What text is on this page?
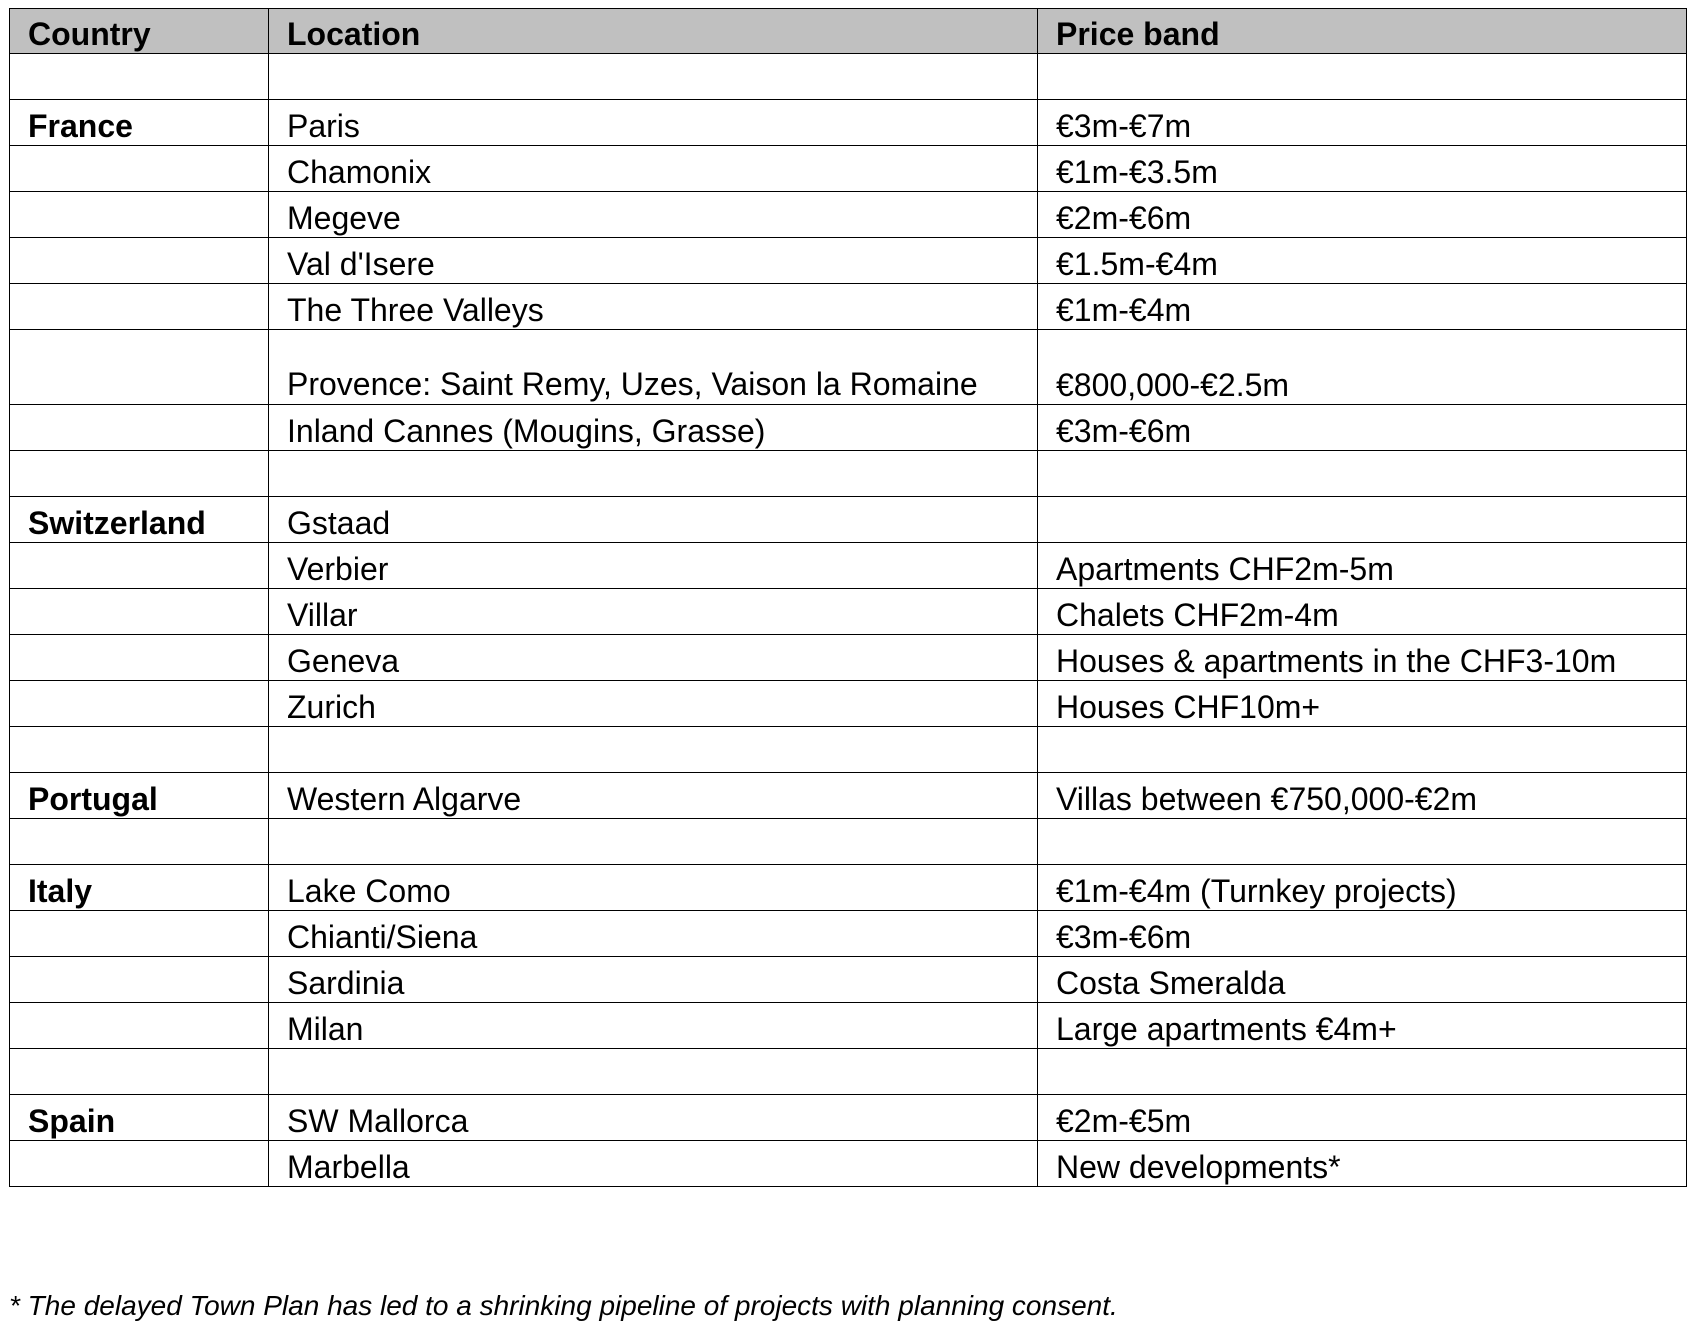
Country	Location	Price band

France	Paris	€3m-€7m
	Chamonix	€1m-€3.5m
	Megeve	€2m-€6m
	Val d'Isere	€1.5m-€4m
	The Three Valleys	€1m-€4m
	Provence: Saint Remy, Uzes, Vaison la Romaine	€800,000-€2.5m
	Inland Cannes (Mougins, Grasse)	€3m-€6m

Switzerland	Gstaad	
	Verbier	Apartments CHF2m-5m
	Villar	Chalets CHF2m-4m
	Geneva	Houses & apartments in the CHF3-10m
	Zurich	Houses CHF10m+

Portugal	Western Algarve	Villas between €750,000-€2m

Italy	Lake Como	€1m-€4m (Turnkey projects)
	Chianti/Siena	€3m-€6m
	Sardinia	Costa Smeralda
	Milan	Large apartments €4m+

Spain	SW Mallorca	€2m-€5m
	Marbella	New developments*
* The delayed Town Plan has led to a shrinking pipeline of projects with planning consent.
